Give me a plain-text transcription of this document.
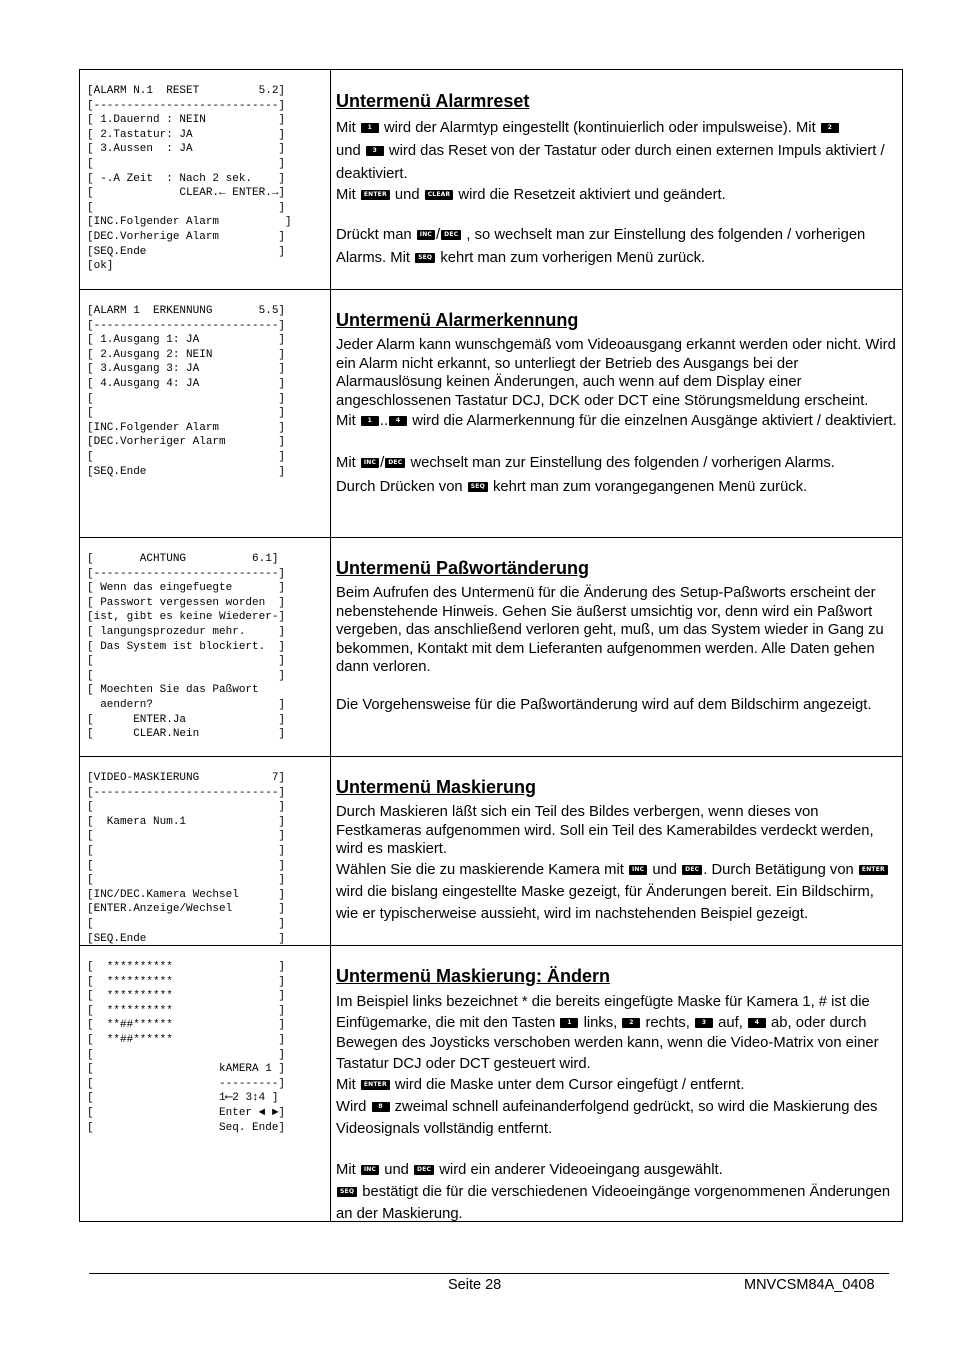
[ALARM N.1  RESET         5.2]
[----------------------------]
[ 1.Dauernd : NEIN           ]
[ 2.Tastatur: JA             ]
[ 3.Aussen  : JA             ]
[                            ]
[ -.A Zeit  : Nach 2 sek.    ]
[             CLEAR.← ENTER.→]
[                            ]
[INC.Folgender Alarm          ]
[DEC.Vorherige Alarm         ]
[SEQ.Ende                    ]
[ok]
Untermenü Alarmreset

Mit 1 wird der Alarmtyp eingestellt (kontinuierlich oder impulsweise). Mit 2
und 3 wird das Reset von der Tastatur oder durch einen externen Impuls aktiviert / deaktiviert.

Mit ENTER und CLEAR wird die Resetzeit aktiviert und geändert.

Drückt man INC / DEC , so wechselt man zur Einstellung des folgenden / vorherigen Alarms. Mit SEQ kehrt man zum vorherigen Menü zurück.

[ALARM 1  ERKENNUNG       5.5]
[----------------------------]
[ 1.Ausgang 1: JA            ]
[ 2.Ausgang 2: NEIN          ]
[ 3.Ausgang 3: JA            ]
[ 4.Ausgang 4: JA            ]
[                            ]
[                            ]
[INC.Folgender Alarm         ]
[DEC.Vorheriger Alarm        ]
[                            ]
[SEQ.Ende                    ]
Untermenü Alarmerkennung

Jeder Alarm kann wunschgemäß vom Videoausgang erkannt werden oder nicht. Wird ein Alarm nicht erkannt, so unterliegt der Betrieb des Ausgangs bei der Alarmauslösung keinen Änderungen, auch wenn auf dem Display einer angeschlossenen Tastatur DCJ, DCK oder DCT eine Störungsmeldung erscheint.

Mit 1 .. 4 wird die Alarmerkennung für die einzelnen Ausgänge aktiviert / deaktiviert.

Mit INC / DEC wechselt man zur Einstellung des folgenden / vorherigen Alarms.

Durch Drücken von SEQ kehrt man zum vorangegangenen Menü zurück.

[       ACHTUNG          6.1]
[----------------------------]
[ Wenn das eingefuegte       ]
[ Passwort vergessen worden  ]
[ist, gibt es keine Wiederer-]
[ langungsprozedur mehr.     ]
[ Das System ist blockiert.  ]
[                            ]
[                            ]
[ Moechten Sie das Paßwort
aendern?                   ]
[      ENTER.Ja              ]
[      CLEAR.Nein            ]
Untermenü Paßwortänderung

Beim Aufrufen des Untermenü für die Änderung des Setup-Paßworts erscheint der nebenstehende Hinweis. Gehen Sie äußerst umsichtig vor, denn wird ein Paßwort vergeben, das anschließend verloren geht, muß, um das System wieder in Gang zu bekommen, Kontakt mit dem Lieferanten aufgenommen werden. Alle Daten gehen dann verloren.

Die Vorgehensweise für die Paßwortänderung wird auf dem Bildschirm angezeigt.

[VIDEO-MASKIERUNG           7]
[----------------------------]
[                            ]
[  Kamera Num.1              ]
[                            ]
[                            ]
[                            ]
[                            ]
[INC/DEC.Kamera Wechsel      ]
[ENTER.Anzeige/Wechsel       ]
[                            ]
[SEQ.Ende                    ]
Untermenü Maskierung

Durch Maskieren läßt sich ein Teil des Bildes verbergen, wenn dieses von Festkameras aufgenommen wird. Soll ein Teil des Kamerabildes verdeckt werden, wird es maskiert.

Wählen Sie die zu maskierende Kamera mit INC und DEC . Durch Betätigung von ENTER wird die bislang eingestellte Maske gezeigt, für Änderungen bereit. Ein Bildschirm, wie er typischerweise aussieht, wird im nachstehenden Beispiel gezeigt.

[  **********                ]
[  **********                ]
[  **********                ]
[  **********                ]
[  **##******                ]
[  **##******                ]
[                            ]
[                   kAMERA 1 ]
[                   ---------]
[                   1⟵2 3↕4 ]
[                   Enter ◄ ►]
[                   Seq. Ende]
Untermenü Maskierung: Ändern

Im Beispiel links bezeichnet * die bereits eingefügte Maske für Kamera 1, # ist die Einfügemarke, die mit den Tasten 1 links, 2 rechts, 3 auf, 4 ab, oder durch Bewegen des Joysticks verschoben werden kann, wenn die Video-Matrix von einer Tastatur DCJ oder DCT gesteuert wird.

Mit ENTER wird die Maske unter dem Cursor eingefügt / entfernt.

Wird 8 zweimal schnell aufeinanderfolgend gedrückt, so wird die Maskierung des Videosignals vollständig entfernt.

Mit INC und DEC wird ein anderer Videoeingang ausgewählt.

SEQ bestätigt die für die verschiedenen Videoeingänge vorgenommenen Änderungen an der Maskierung.

Seite 28	MNVCSM84A_0408
